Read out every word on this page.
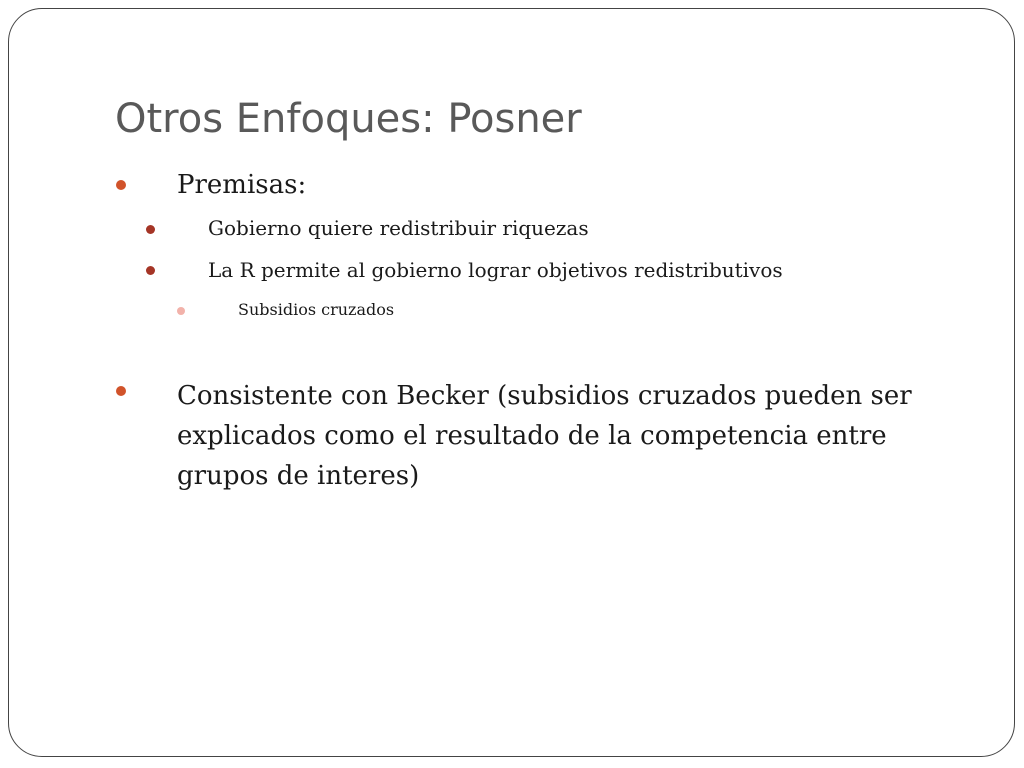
Otros Enfoques: Posner
Premisas:
Gobierno quiere redistribuir riquezas
La R permite al gobierno lograr objetivos redistributivos
Subsidios cruzados
Consistente con Becker (subsidios cruzados pueden ser explicados como el resultado de la competencia entre grupos de interes)
